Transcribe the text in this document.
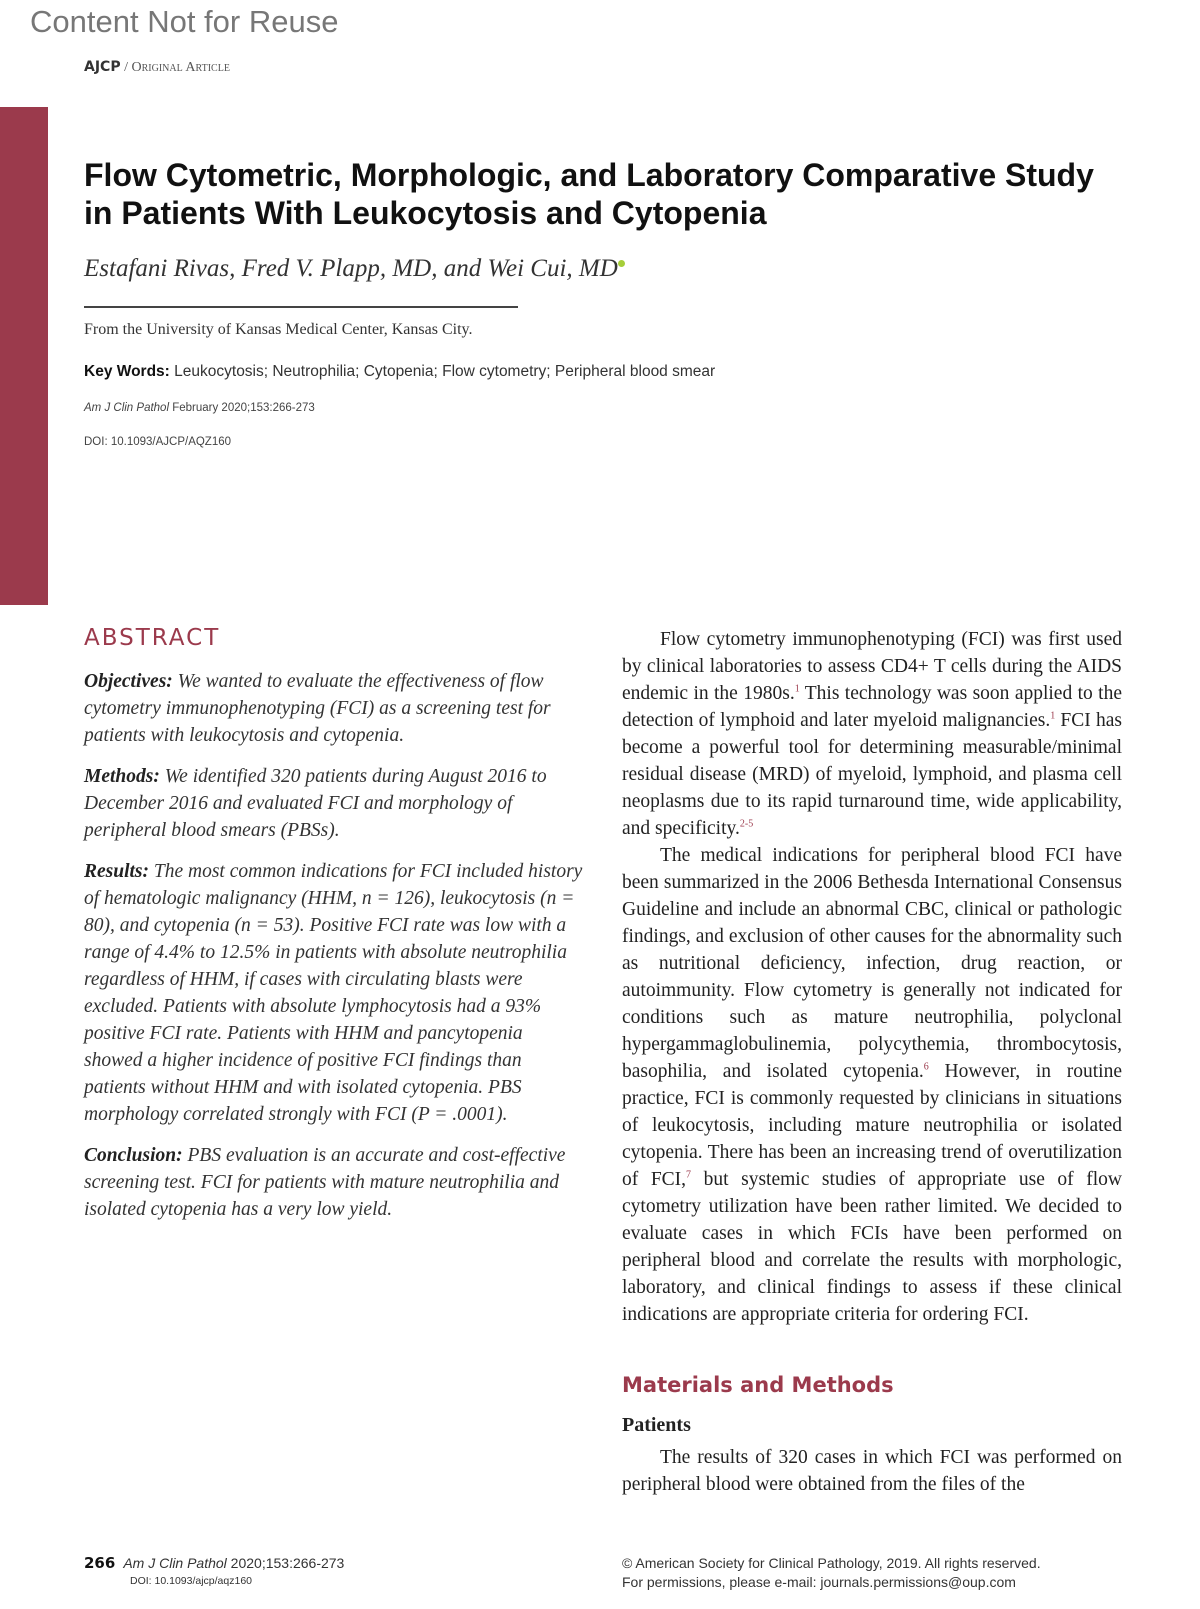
Content Not for Reuse
AJCP / Original Article
Flow Cytometric, Morphologic, and Laboratory Comparative Study in Patients With Leukocytosis and Cytopenia
Estafani Rivas, Fred V. Plapp, MD, and Wei Cui, MD
From the University of Kansas Medical Center, Kansas City.
Key Words: Leukocytosis; Neutrophilia; Cytopenia; Flow cytometry; Peripheral blood smear
Am J Clin Pathol February 2020;153:266-273
DOI: 10.1093/AJCP/AQZ160
ABSTRACT

Objectives: We wanted to evaluate the effectiveness of flow cytometry immunophenotyping (FCI) as a screening test for patients with leukocytosis and cytopenia.

Methods: We identified 320 patients during August 2016 to December 2016 and evaluated FCI and morphology of peripheral blood smears (PBSs).

Results: The most common indications for FCI included history of hematologic malignancy (HHM, n = 126), leukocytosis (n = 80), and cytopenia (n = 53). Positive FCI rate was low with a range of 4.4% to 12.5% in patients with absolute neutrophilia regardless of HHM, if cases with circulating blasts were excluded. Patients with absolute lymphocytosis had a 93% positive FCI rate. Patients with HHM and pancytopenia showed a higher incidence of positive FCI findings than patients without HHM and with isolated cytopenia. PBS morphology correlated strongly with FCI (P = .0001).

Conclusion: PBS evaluation is an accurate and cost-effective screening test. FCI for patients with mature neutrophilia and isolated cytopenia has a very low yield.

Flow cytometry immunophenotyping (FCI) was first used by clinical laboratories to assess CD4+ T cells during the AIDS endemic in the 1980s.$^1$ This technology was soon applied to the detection of lymphoid and later myeloid malignancies.$^1$ FCI has become a powerful tool for determining measurable/minimal residual disease (MRD) of myeloid, lymphoid, and plasma cell neoplasms due to its rapid turnaround time, wide applicability, and specificity.$^{2-5}$

The medical indications for peripheral blood FCI have been summarized in the 2006 Bethesda International Consensus Guideline and include an abnormal CBC, clinical or pathologic findings, and exclusion of other causes for the abnormality such as nutritional deficiency, infection, drug reaction, or autoimmunity. Flow cytometry is generally not indicated for conditions such as mature neutrophilia, polyclonal hypergammaglobulinemia, polycythemia, thrombocytosis, basophilia, and isolated cytopenia.$^6$ However, in routine practice, FCI is commonly requested by clinicians in situations of leukocytosis, including mature neutrophilia or isolated cytopenia. There has been an increasing trend of overutilization of FCI,$^7$ but systemic studies of appropriate use of flow cytometry utilization have been rather limited. We decided to evaluate cases in which FCIs have been performed on peripheral blood and correlate the results with morphologic, laboratory, and clinical findings to assess if these clinical indications are appropriate criteria for ordering FCI.

Materials and Methods
Patients

The results of 320 cases in which FCI was performed on peripheral blood were obtained from the files of the

266 Am J Clin Pathol 2020;153:266-273
DOI: 10.1093/ajcp/aqz160
© American Society for Clinical Pathology, 2019. All rights reserved.
For permissions, please e-mail: journals.permissions@oup.com
